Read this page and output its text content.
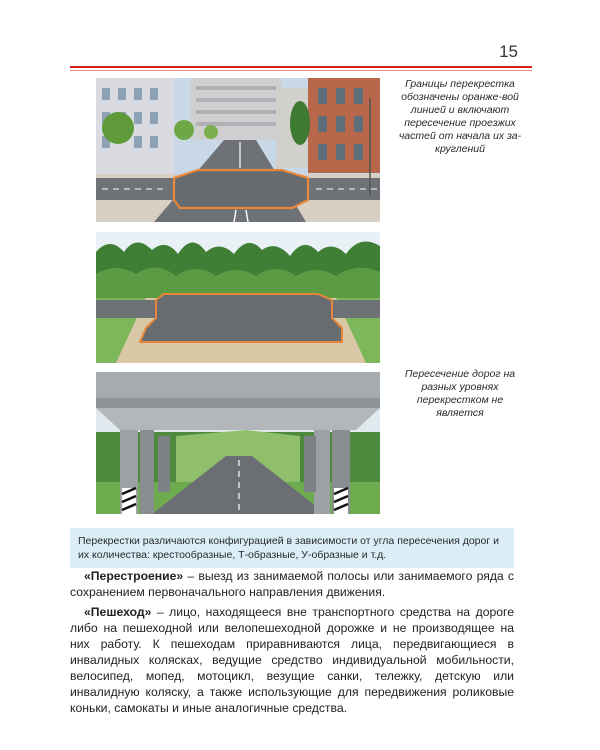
15
Границы перекрестка обозначены оранже-вой линией и включают пересечение проезжих частей от начала их за-круглений
Пересечение дорог на разных уровнях перекрестком не является
Перекрестки различаются конфигурацией в зависимости от угла пересечения дорог и их количества: крестообразные, Т-образные, У-образные и т.д.
«Перестроение» – выезд из занимаемой полосы или занимаемого ряда с сохранением первоначального направления движения.
«Пешеход» – лицо, находящееся вне транспортного средства на дороге либо на пешеходной или велопешеходной дорожке и не производящее на них работу. К пешеходам приравниваются лица, передвигающиеся в инвалидных колясках, ведущие средство индивидуальной мобильности, велосипед, мопед, мотоцикл, везущие санки, тележку, детскую или инвалидную коляску, а также использующие для передвижения роликовые коньки, самокаты и иные аналогичные средства.
